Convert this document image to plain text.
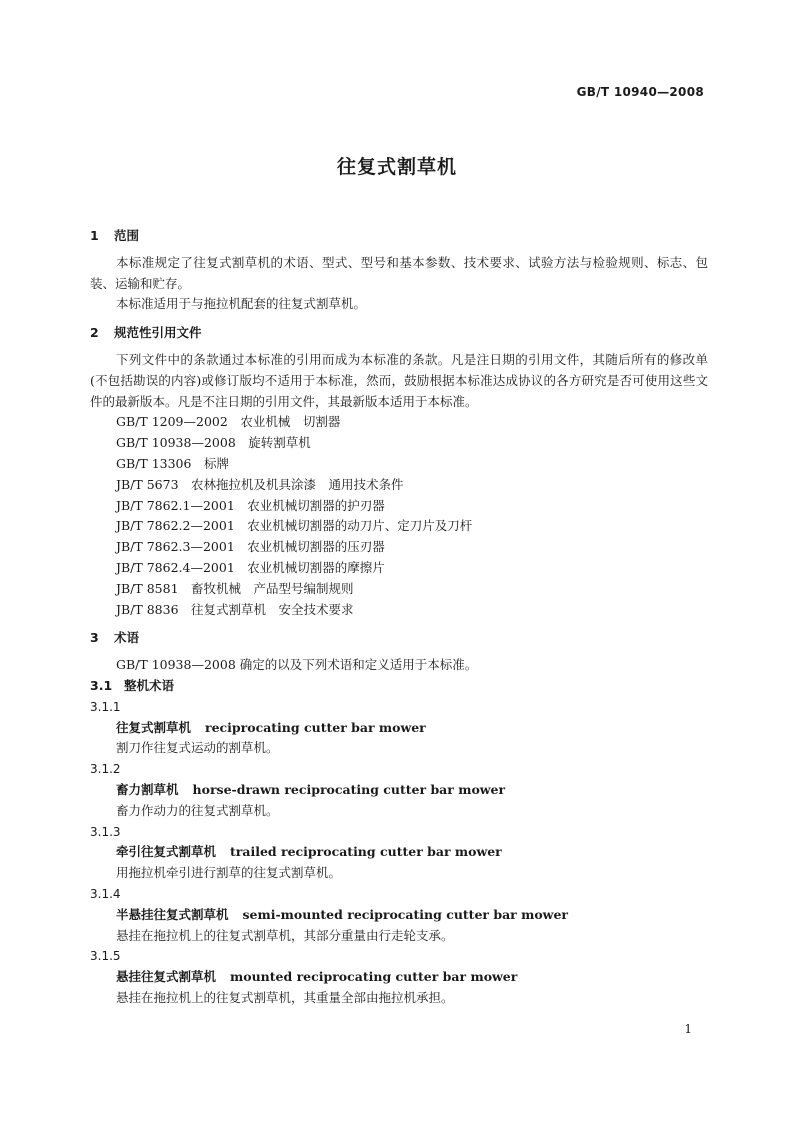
GB/T 10940—2008
往复式割草机
1 范围
本标准规定了往复式割草机的术语、型式、型号和基本参数、技术要求、试验方法与检验规则、标志、包装、运输和贮存。
本标准适用于与拖拉机配套的往复式割草机。
2 规范性引用文件
下列文件中的条款通过本标准的引用而成为本标准的条款。凡是注日期的引用文件，其随后所有的修改单(不包括勘误的内容)或修订版均不适用于本标准，然而，鼓励根据本标准达成协议的各方研究是否可使用这些文件的最新版本。凡是不注日期的引用文件，其最新版本适用于本标准。
GB/T 1209—2002　农业机械　切割器
GB/T 10938—2008　旋转割草机
GB/T 13306　标牌
JB/T 5673　农林拖拉机及机具涂漆　通用技术条件
JB/T 7862.1—2001　农业机械切割器的护刃器
JB/T 7862.2—2001　农业机械切割器的动刀片、定刀片及刀杆
JB/T 7862.3—2001　农业机械切割器的压刃器
JB/T 7862.4—2001　农业机械切割器的摩擦片
JB/T 8581　畜牧机械　产品型号编制规则
JB/T 8836　往复式割草机　安全技术要求
3 术语
GB/T 10938—2008 确定的以及下列术语和定义适用于本标准。
3.1 整机术语
3.1.1
往复式割草机 reciprocating cutter bar mower
割刀作往复式运动的割草机。
3.1.2
畜力割草机 horse-drawn reciprocating cutter bar mower
畜力作动力的往复式割草机。
3.1.3
牵引往复式割草机 trailed reciprocating cutter bar mower
用拖拉机牵引进行割草的往复式割草机。
3.1.4
半悬挂往复式割草机 semi-mounted reciprocating cutter bar mower
悬挂在拖拉机上的往复式割草机，其部分重量由行走轮支承。
3.1.5
悬挂往复式割草机 mounted reciprocating cutter bar mower
悬挂在拖拉机上的往复式割草机，其重量全部由拖拉机承担。
1
